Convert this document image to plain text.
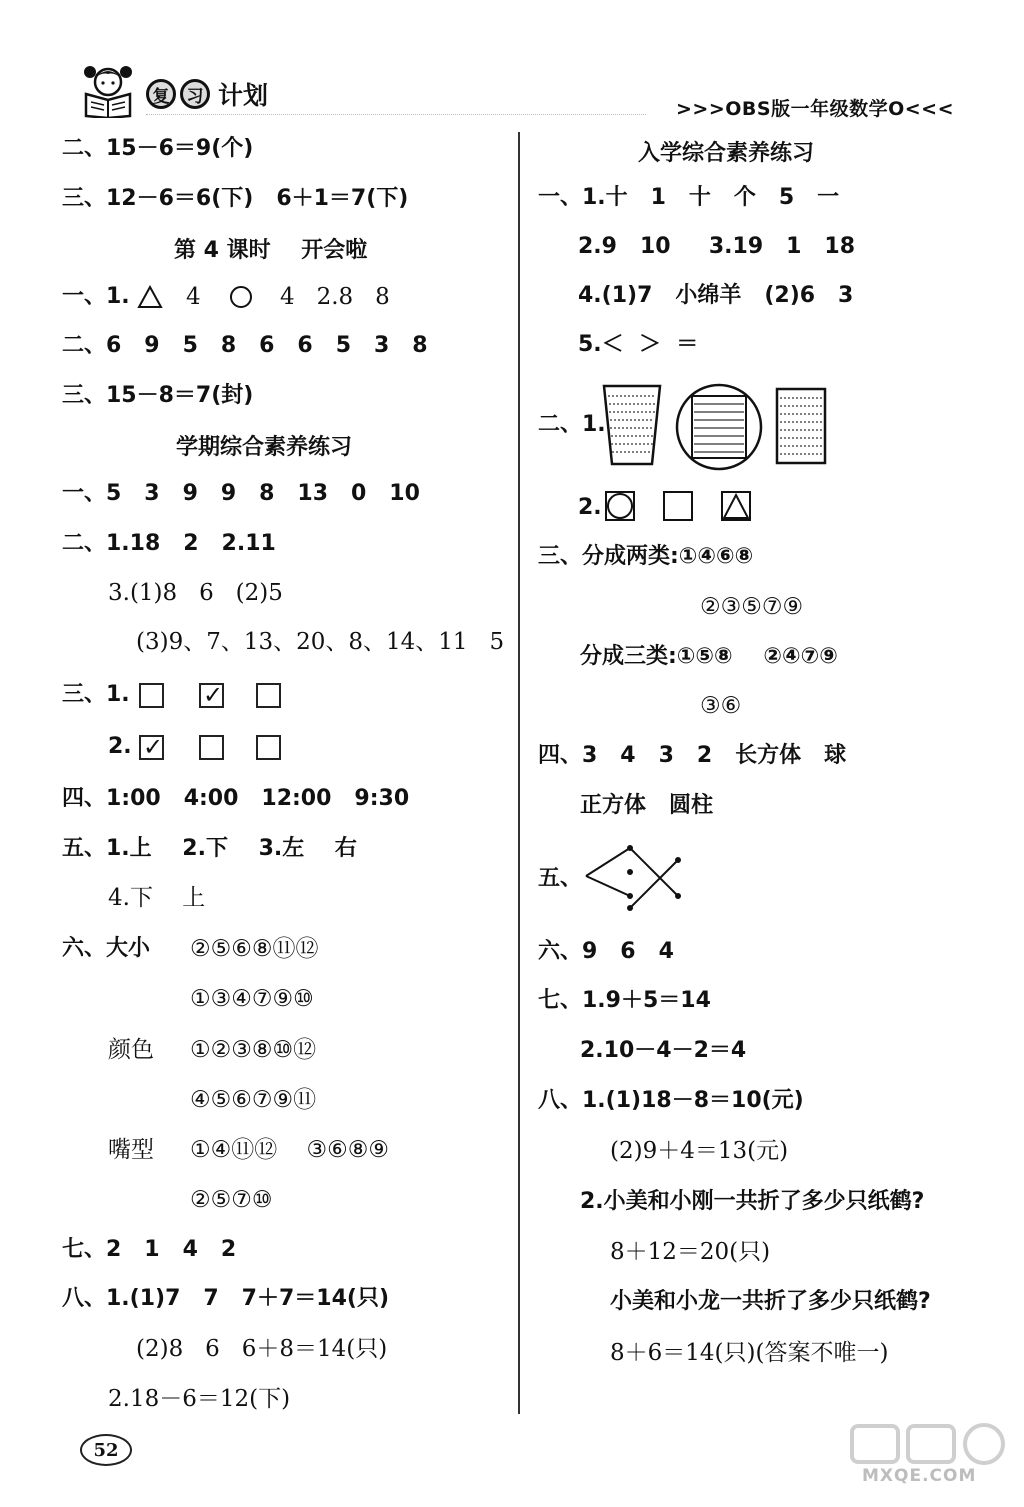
复	习 计划	>>>OBS版一年级数学O<<<
二、15－6＝9(个)
三、12－6＝6(下)   6＋1＝7(下)
第 4 课时    开会啦
一、1. 4	4   2.8   8
二、6   9   5   8   6   6   5   3   8
三、15－8＝7(封)
学期综合素养练习
一、5   3   9   9   8   13   0   10
二、1.18   2   2.11
3.(1)8   6   (2)5
(3)9、7、13、20、8、14、11   5
三、1.	✓
2. ✓
四、1:00   4:00   12:00   9:30
五、1.上    2.下    3.左    右
4.下    上
六、大小 ②⑤⑥⑧⑪⑫
①③④⑦⑨⑩
颜色 ①②③⑧⑩⑫
④⑤⑥⑦⑨⑪
嘴型 ①④⑪⑫    ③⑥⑧⑨
②⑤⑦⑩
七、2   1   4   2
八、1.(1)7   7   7＋7＝14(只)
(2)8   6   6＋8＝14(只)
2.18－6＝12(下)
入学综合素养练习
一、1.十   1   十   个   5   一
2.9   10     3.19   1   18
4.(1)7   小绵羊   (2)6   3
5.＜  ＞  ＝
二、1.
2.
三、分成两类:①④⑥⑧
②③⑤⑦⑨
分成三类:①⑤⑧    ②④⑦⑨
③⑥
四、3   4   3   2   长方体   球
正方体   圆柱
五、
六、9   6   4
七、1.9＋5＝14
2.10－4－2＝4
八、1.(1)18－8＝10(元)
(2)9＋4＝13(元)
2.小美和小刚一共折了多少只纸鹤?
8＋12＝20(只)
小美和小龙一共折了多少只纸鹤?
8＋6＝14(只)(答案不唯一)
52
MXQE.COM
